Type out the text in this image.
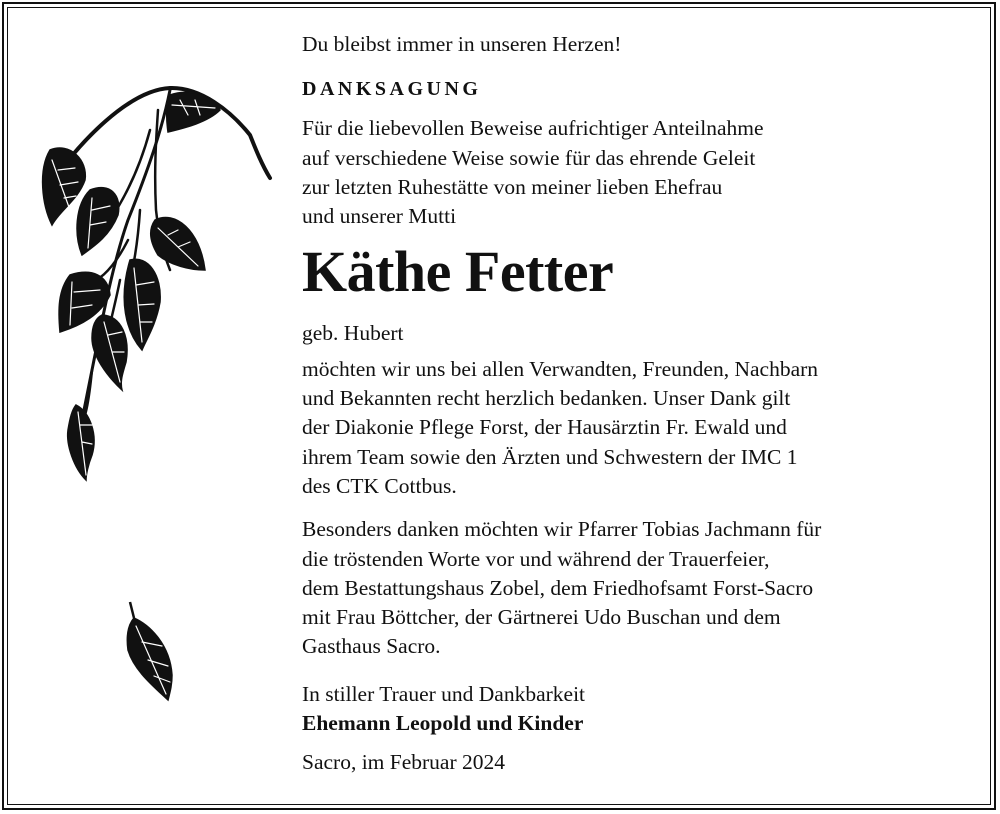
Du bleibst immer in unseren Herzen!
DANKSAGUNG
Für die liebevollen Beweise aufrichtiger Anteilnahme
auf verschiedene Weise sowie für das ehrende Geleit
zur letzten Ruhestätte von meiner lieben Ehefrau
und unserer Mutti
Käthe Fetter
geb. Hubert
möchten wir uns bei allen Verwandten, Freunden, Nachbarn
und Bekannten recht herzlich bedanken. Unser Dank gilt
der Diakonie Pflege Forst, der Hausärztin Fr. Ewald und
ihrem Team sowie den Ärzten und Schwestern der IMC 1
des CTK Cottbus.
Besonders danken möchten wir Pfarrer Tobias Jachmann für
die tröstenden Worte vor und während der Trauerfeier,
dem Bestattungshaus Zobel, dem Friedhofsamt Forst-Sacro
mit Frau Böttcher, der Gärtnerei Udo Buschan und dem
Gasthaus Sacro.
In stiller Trauer und Dankbarkeit
Ehemann Leopold und Kinder
Sacro, im Februar 2024
